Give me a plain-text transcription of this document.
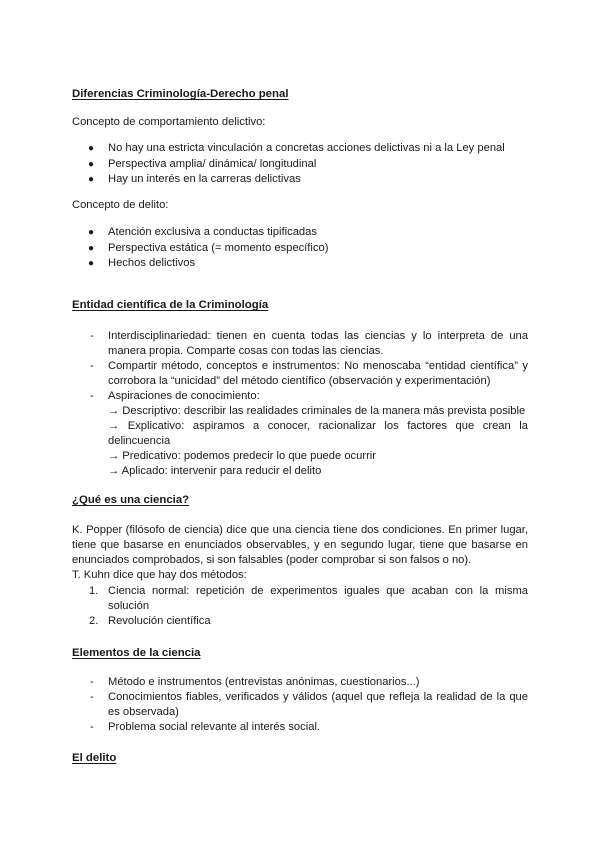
Diferencias Criminología-Derecho penal
Concepto de comportamiento delictivo:
● No hay una estricta vinculación a concretas acciones delictivas ni a la Ley penal
● Perspectiva amplia/ dinámica/ longitudinal
● Hay un interés en la carreras delictivas
Concepto de delito:
● Atención exclusiva a conductas tipificadas
● Perspectiva estática (= momento específico)
● Hechos delictivos
Entidad científica de la Criminología
- Interdisciplinariedad: tienen en cuenta todas las ciencias y lo interpreta de una manera propia. Comparte cosas con todas las ciencias.
- Compartir método, conceptos e instrumentos: No menoscaba “entidad científica” y corrobora la “unicidad” del método científico (observación y experimentación)
- Aspiraciones de conocimiento:
→ Descriptivo: describir las realidades criminales de la manera más prevista posible
→ Explicativo: aspiramos a conocer, racionalizar los factores que crean la delincuencia
→ Predicativo: podemos predecir lo que puede ocurrir
→ Aplicado: intervenir para reducir el delito
¿Qué es una ciencia?
K. Popper (filósofo de ciencia) dice que una ciencia tiene dos condiciones. En primer lugar, tiene que basarse en enunciados observables, y en segundo lugar, tiene que basarse en enunciados comprobados, si son falsables (poder comprobar si son falsos o no).
T. Kuhn dice que hay dos métodos:
1. Ciencia normal: repetición de experimentos iguales que acaban con la misma solución
2. Revolución científica
Elementos de la ciencia
- Método e instrumentos (entrevistas anónimas, cuestionarios...)
- Conocimientos fiables, verificados y válidos (aquel que refleja la realidad de la que es observada)
- Problema social relevante al interés social.
El delito
